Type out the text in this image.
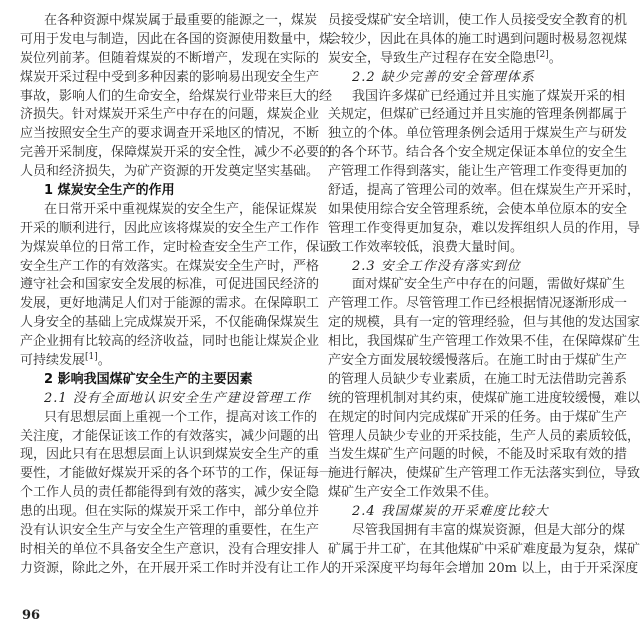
在各种资源中煤炭属于最重要的能源之一，煤炭
可用于发电与制造，因此在各国的资源使用数量中，煤
炭位列前茅。但随着煤炭的不断增产，发现在实际的
煤炭开采过程中受到多种因素的影响易出现安全生产
事故，影响人们的生命安全，给煤炭行业带来巨大的经
济损失。针对煤炭开采生产中存在的问题，煤炭企业
应当按照安全生产的要求调查开采地区的情况，不断
完善开采制度，保障煤炭开采的安全性，减少不必要的
人员和经济损失，为矿产资源的开发奠定坚实基础。
1 煤炭安全生产的作用
在日常开采中重视煤炭的安全生产，能保证煤炭
开采的顺利进行，因此应该将煤炭的安全生产工作作
为煤炭单位的日常工作，定时检查安全生产工作，保证
安全生产工作的有效落实。在煤炭安全生产时，严格
遵守社会和国家安全发展的标准，可促进国民经济的
发展，更好地满足人们对于能源的需求。在保障职工
人身安全的基础上完成煤炭开采，不仅能确保煤炭生
产企业拥有比较高的经济收益，同时也能让煤炭企业
可持续发展[1]。
2 影响我国煤矿安全生产的主要因素
2.1 没有全面地认识安全生产建设管理工作
只有思想层面上重视一个工作，提高对该工作的
关注度，才能保证该工作的有效落实，减少问题的出
现，因此只有在思想层面上认识到煤炭安全生产的重
要性，才能做好煤炭开采的各个环节的工作，保证每一
个工作人员的责任都能得到有效的落实，减少安全隐
患的出现。但在实际的煤炭开采工作中，部分单位并
没有认识安全生产与安全生产管理的重要性，在生产
时相关的单位不具备安全生产意识，没有合理安排人
力资源，除此之外，在开展开采工作时并没有让工作人
员接受煤矿安全培训，使工作人员接受安全教育的机
会较少，因此在具体的施工时遇到问题时极易忽视煤
炭安全，导致生产过程存在安全隐患[2]。
2.2 缺少完善的安全管理体系
我国许多煤矿已经通过并且实施了煤炭开采的相
关规定，但煤矿已经通过并且实施的管理条例都属于
独立的个体。单位管理条例会适用于煤炭生产与研发
的各个环节。结合各个安全规定保证本单位的安全生
产管理工作得到落实，能让生产管理工作变得更加的
舒适，提高了管理公司的效率。但在煤炭生产开采时，
如果使用综合安全管理系统，会使本单位原本的安全
管理工作变得更加复杂，难以发挥组织人员的作用，导
致工作效率较低，浪费大量时间。
2.3 安全工作没有落实到位
面对煤矿安全生产中存在的问题，需做好煤矿生
产管理工作。尽管管理工作已经根据情况逐渐形成一
定的规模，具有一定的管理经验，但与其他的发达国家
相比，我国煤矿生产管理工作效果不佳，在保障煤矿生
产安全方面发展较缓慢落后。在施工时由于煤矿生产
的管理人员缺少专业素质，在施工时无法借助完善系
统的管理机制对其约束，使煤矿施工进度较缓慢，难以
在规定的时间内完成煤矿开采的任务。由于煤矿生产
管理人员缺少专业的开采技能，生产人员的素质较低，
当发生煤矿生产问题的时候，不能及时采取有效的措
施进行解决，使煤矿生产管理工作无法落实到位，导致
煤矿生产安全工作效果不佳。
2.4 我国煤炭的开采难度比较大
尽管我国拥有丰富的煤炭资源，但是大部分的煤
矿属于井工矿，在其他煤矿中采矿难度最为复杂，煤矿
的开采深度平均每年会增加 20m 以上，由于开采深度
96
